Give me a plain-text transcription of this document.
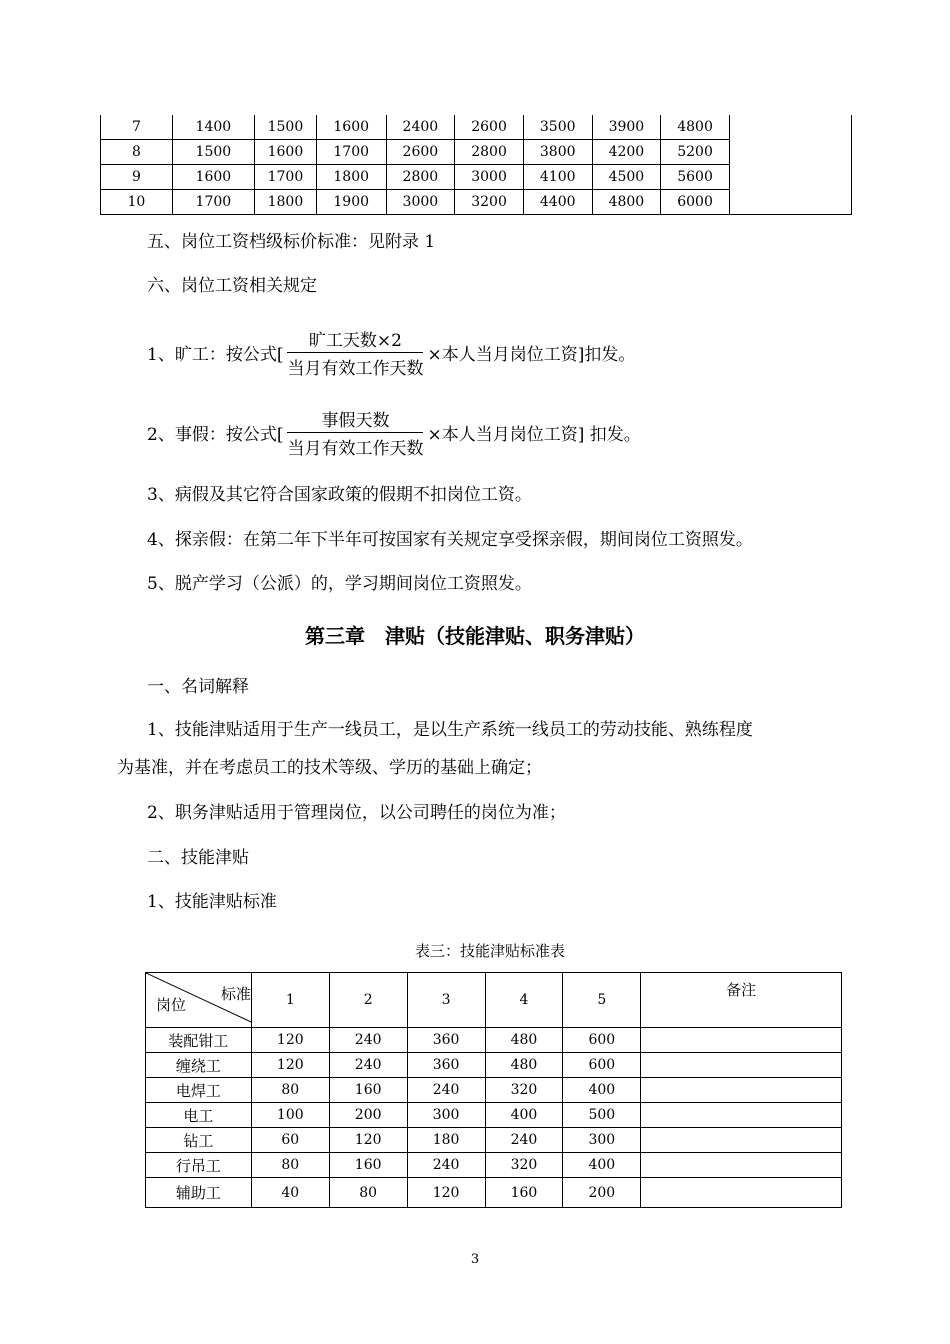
7	1400	1500	1600	2400	2600	3500	3900	4800	
8	1500	1600	1700	2600	2800	3800	4200	5200	
9	1600	1700	1800	2800	3000	4100	4500	5600	
10	1700	1800	1900	3000	3200	4400	4800	6000	
五、岗位工资档级标价标准：见附录 1
六、岗位工资相关规定
1、旷工：按公式[ $\frac{\text{旷工天数×2}}{\text{当月有效工作天数}}$ ×本人当月岗位工资]扣发。
2、事假：按公式[ $\frac{\text{事假天数}}{\text{当月有效工作天数}}$ ×本人当月岗位工资] 扣发。
3、病假及其它符合国家政策的假期不扣岗位工资。
4、探亲假：在第二年下半年可按国家有关规定享受探亲假，期间岗位工资照发。
5、脱产学习（公派）的，学习期间岗位工资照发。
第三章　津贴（技能津贴、职务津贴）
一、名词解释
1、技能津贴适用于生产一线员工，是以生产系统一线员工的劳动技能、熟练程度
为基准，并在考虑员工的技术等级、学历的基础上确定；
2、职务津贴适用于管理岗位，以公司聘任的岗位为准；
二、技能津贴
1、技能津贴标准
表三：技能津贴标准表
标准
岗位	1	2	3	4	5	备注
装配钳工	120	240	360	480	600	
缠绕工	120	240	360	480	600	
电焊工	80	160	240	320	400	
电工	100	200	300	400	500	
钻工	60	120	180	240	300	
行吊工	80	160	240	320	400	
辅助工	40	80	120	160	200	
3
